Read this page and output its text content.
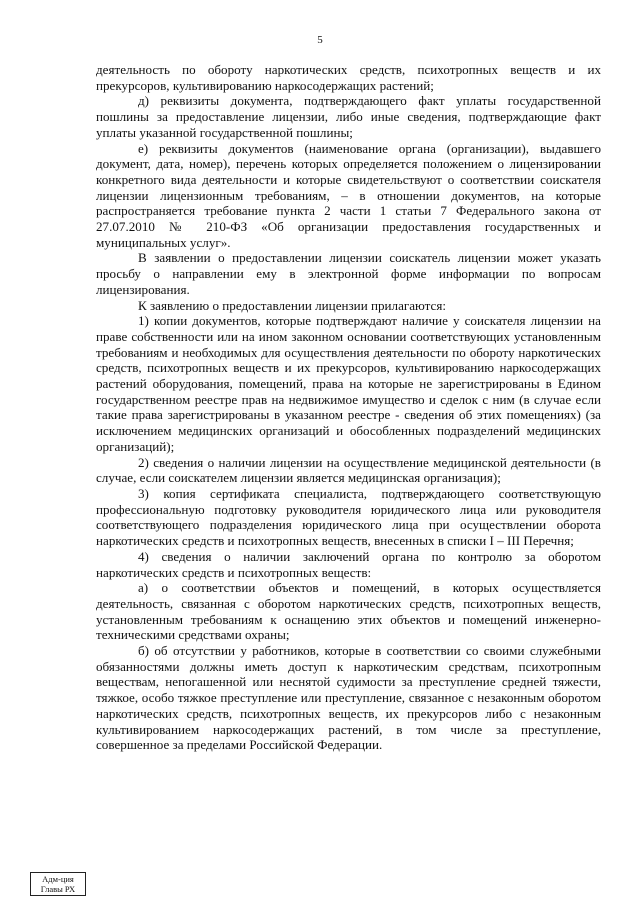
5

деятельность по обороту наркотических средств, психотропных веществ и их прекурсоров, культивированию наркосодержащих растений;

д) реквизиты документа, подтверждающего факт уплаты государственной пошлины за предоставление лицензии, либо иные сведения, подтверждающие факт уплаты указанной государственной пошлины;

е) реквизиты документов (наименование органа (организации), выдавшего документ, дата, номер), перечень которых определяется положением о лицензировании конкретного вида деятельности и которые свидетельствуют о соответствии соискателя лицензии лицензионным требованиям, – в отношении документов, на которые распространяется требование пункта 2 части 1 статьи 7 Федерального закона от 27.07.2010 № 210-ФЗ «Об организации предоставления государственных и муниципальных услуг».

В заявлении о предоставлении лицензии соискатель лицензии может указать просьбу о направлении ему в электронной форме информации по вопросам лицензирования.

К заявлению о предоставлении лицензии прилагаются:

1) копии документов, которые подтверждают наличие у соискателя лицензии на праве собственности или на ином законном основании соответствующих установленным требованиям и необходимых для осуществления деятельности по обороту наркотических средств, психотропных веществ и их прекурсоров, культивированию наркосодержащих растений оборудования, помещений, права на которые не зарегистрированы в Едином государственном реестре прав на недвижимое имущество и сделок с ним (в случае если такие права зарегистрированы в указанном реестре - сведения об этих помещениях) (за исключением медицинских организаций и обособленных подразделений медицинских организаций);

2) сведения о наличии лицензии на осуществление медицинской деятельности (в случае, если соискателем лицензии является медицинская организация);

3) копия сертификата специалиста, подтверждающего соответствующую профессиональную подготовку руководителя юридического лица или руководителя соответствующего подразделения юридического лица при осуществлении оборота наркотических средств и психотропных веществ, внесенных в списки I – III Перечня;

4) сведения о наличии заключений органа по контролю за оборотом наркотических средств и психотропных веществ:

а) о соответствии объектов и помещений, в которых осуществляется деятельность, связанная с оборотом наркотических средств, психотропных веществ, установленным требованиям к оснащению этих объектов и помещений инженерно-техническими средствами охраны;

б) об отсутствии у работников, которые в соответствии со своими служебными обязанностями должны иметь доступ к наркотическим средствам, психотропным веществам, непогашенной или неснятой судимости за преступление средней тяжести, тяжкое, особо тяжкое преступление или преступление, связанное с незаконным оборотом наркотических средств, психотропных веществ, их прекурсоров либо с незаконным культивированием наркосодержащих растений, в том числе за преступление, совершенное за пределами Российской Федерации.

Адм-ция
Главы РХ
